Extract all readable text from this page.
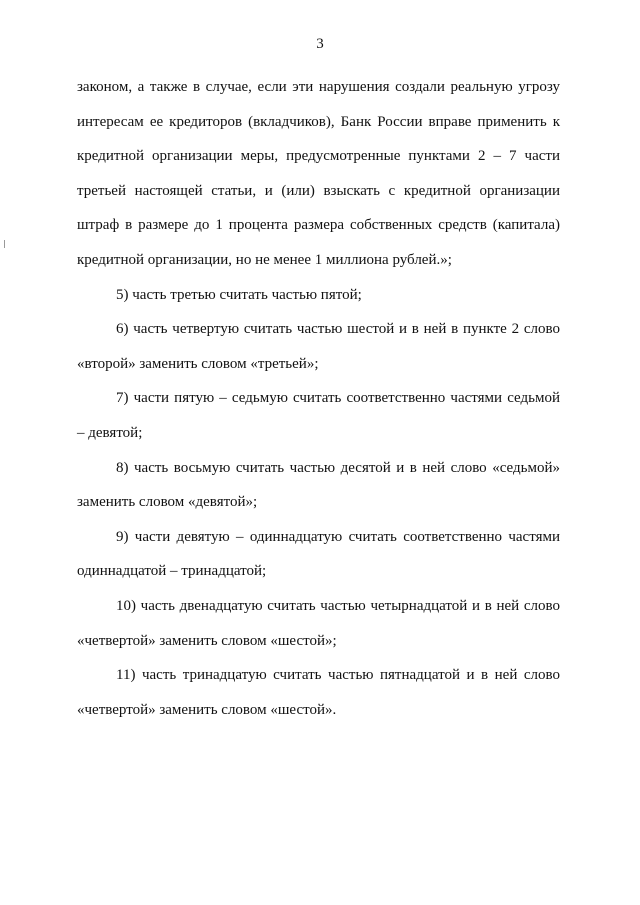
3

законом, а также в случае, если эти нарушения создали реальную угрозу интересам ее кредиторов (вкладчиков), Банк России вправе применить к кредитной организации меры, предусмотренные пунктами 2 – 7 части третьей настоящей статьи, и (или) взыскать с кредитной организации штраф в размере до 1 процента размера собственных средств (капитала) кредитной организации, но не менее 1 миллиона рублей.»;

5) часть третью считать частью пятой;

6) часть четвертую считать частью шестой и в ней в пункте 2 слово «второй» заменить словом «третьей»;

7) части пятую – седьмую считать соответственно частями седьмой – девятой;

8) часть восьмую считать частью десятой и в ней слово «седьмой» заменить словом «девятой»;

9) части девятую – одиннадцатую считать соответственно частями одиннадцатой – тринадцатой;

10) часть двенадцатую считать частью четырнадцатой и в ней слово «четвертой» заменить словом «шестой»;

11) часть тринадцатую считать частью пятнадцатой и в ней слово «четвертой» заменить словом «шестой».
